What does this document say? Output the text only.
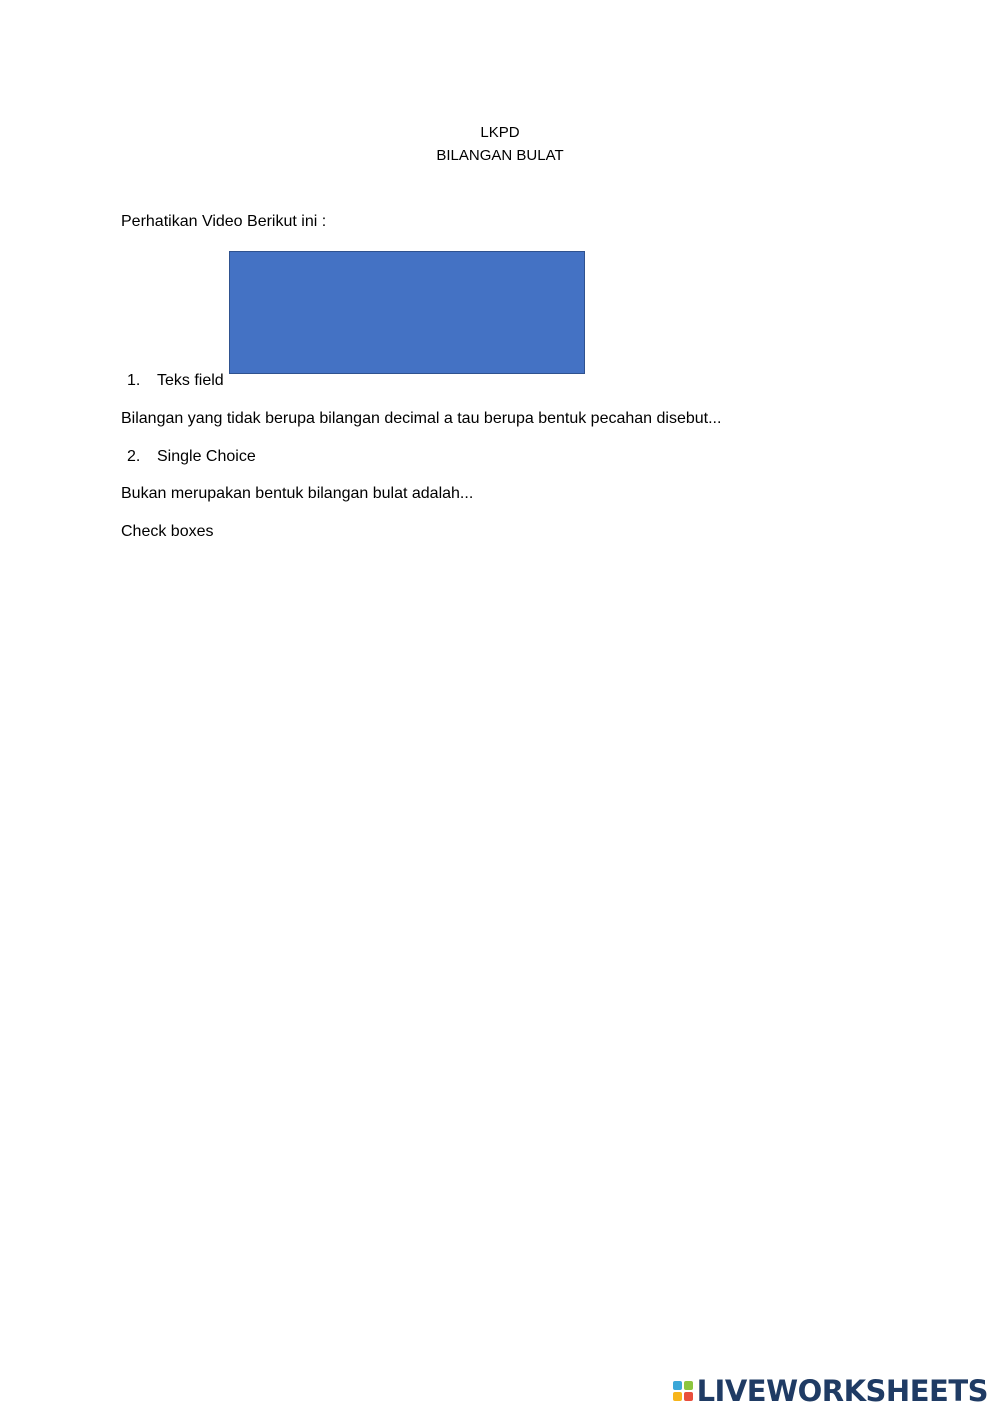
LKPD
BILANGAN BULAT
Perhatikan Video Berikut ini :
1. Teks field
Bilangan yang tidak berupa bilangan decimal a tau berupa bentuk pecahan disebut...
2. Single Choice
Bukan merupakan bentuk bilangan bulat adalah...
Check boxes
LIVEWORKSHEETS
